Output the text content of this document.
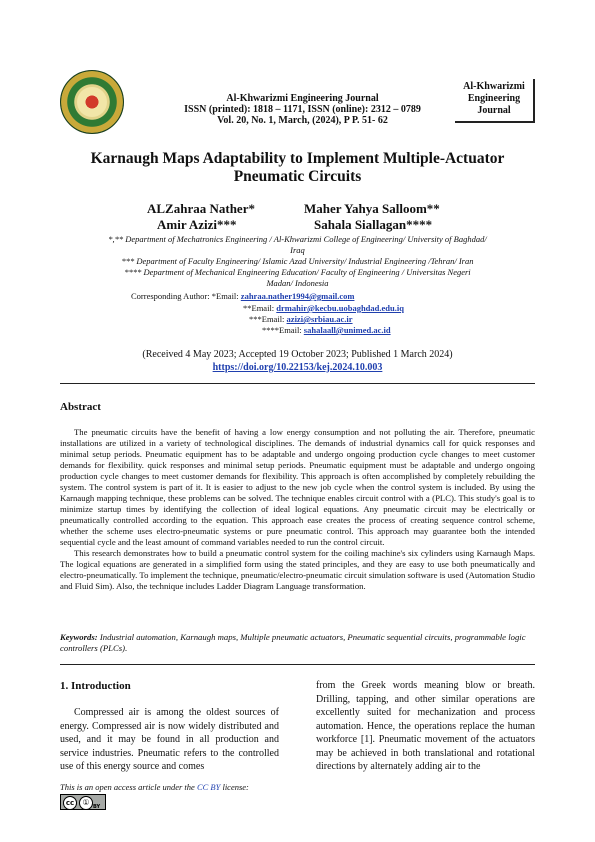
Al-Khwarizmi Engineering Journal
ISSN (printed): 1818 – 1171, ISSN (online): 2312 – 0789
Vol. 20, No. 1, March, (2024), P P. 51- 62
Al-Khwarizmi
Engineering
Journal
Karnaugh Maps Adaptability to Implement Multiple-Actuator
Pneumatic Circuits
ALZahraa Nather*	Maher Yahya Salloom**
Amir Azizi***	Sahala Siallagan****
*,** Department of Mechatronics Engineering / Al-Khwarizmi College of Engineering/ University of Baghdad/
Iraq
*** Department of Faculty Engineering/ Islamic Azad University/ Industrial Engineering /Tehran/ Iran
**** Department of Mechanical Engineering Education/ Faculty of Engineering / Universitas Negeri
Madan/ Indonesia
Corresponding Author: *Email: zahraa.nather1994@gmail.com
**Email: drmahir@kecbu.uobaghdad.edu.iq
***Email: azizi@srbiau.ac.ir
****Email: sahalaall@unimed.ac.id
(Received 4 May 2023; Accepted 19 October 2023; Published 1 March 2024)
https://doi.org/10.22153/kej.2024.10.003
Abstract

The pneumatic circuits have the benefit of having a low energy consumption and not polluting the air. Therefore, pneumatic installations are utilized in a variety of technological disciplines. The demands of industrial dynamics call for quick responses and minimal setup periods. Pneumatic equipment has to be adaptable and undergo ongoing production cycle changes to meet customer demands for flexibility. quick responses and minimal setup periods. Pneumatic equipment must be adaptable and undergo ongoing production cycle changes to meet customer demands for flexibility. This approach is often accomplished by completely rebuilding the system. The control system is part of it. It is easier to adjust to the new job cycle when the control system is included. By using the Karnaugh mapping technique, these problems can be solved. The technique enables circuit control with a (PLC). This study's goal is to minimize startup times by identifying the collection of ideal logical equations. Any pneumatic circuit may be electrically or pneumatically controlled according to the equation. This approach ease creates the process of creating sequence control scheme, whether the scheme uses electro-pneumatic systems or pure pneumatic control. This approach may guarantee both the intended sequential cycle and the least amount of command variables needed to run the control circuit.

This research demonstrates how to build a pneumatic control system for the coiling machine's six cylinders using Karnaugh Maps. The logical equations are generated in a simplified form using the stated principles, and they are easy to use both pneumatically and electro-pneumatically. To implement the technique, pneumatic/electro-pneumatic circuit simulation software is used (Automation Studio and Fluid Sim). Also, the technique includes Ladder Diagram Language transformation.

Keywords: Industrial automation, Karnaugh maps, Multiple pneumatic actuators, Pneumatic sequential circuits, programmable logic controllers (PLCs).
1. Introduction
Compressed air is among the oldest sources of energy. Compressed air is now widely distributed and used, and it may be found in all production and service industries. Pneumatic refers to the controlled use of this energy source and comes
from the Greek words meaning blow or breath. Drilling, tapping, and other similar operations are excellently suited for mechanization and process automation. Hence, the operations replace the human workforce [1]. Pneumatic movement of the actuators may be achieved in both translational and rotational directions by alternately adding air to the
This is an open access article under the CC BY license:
cc	① BY
